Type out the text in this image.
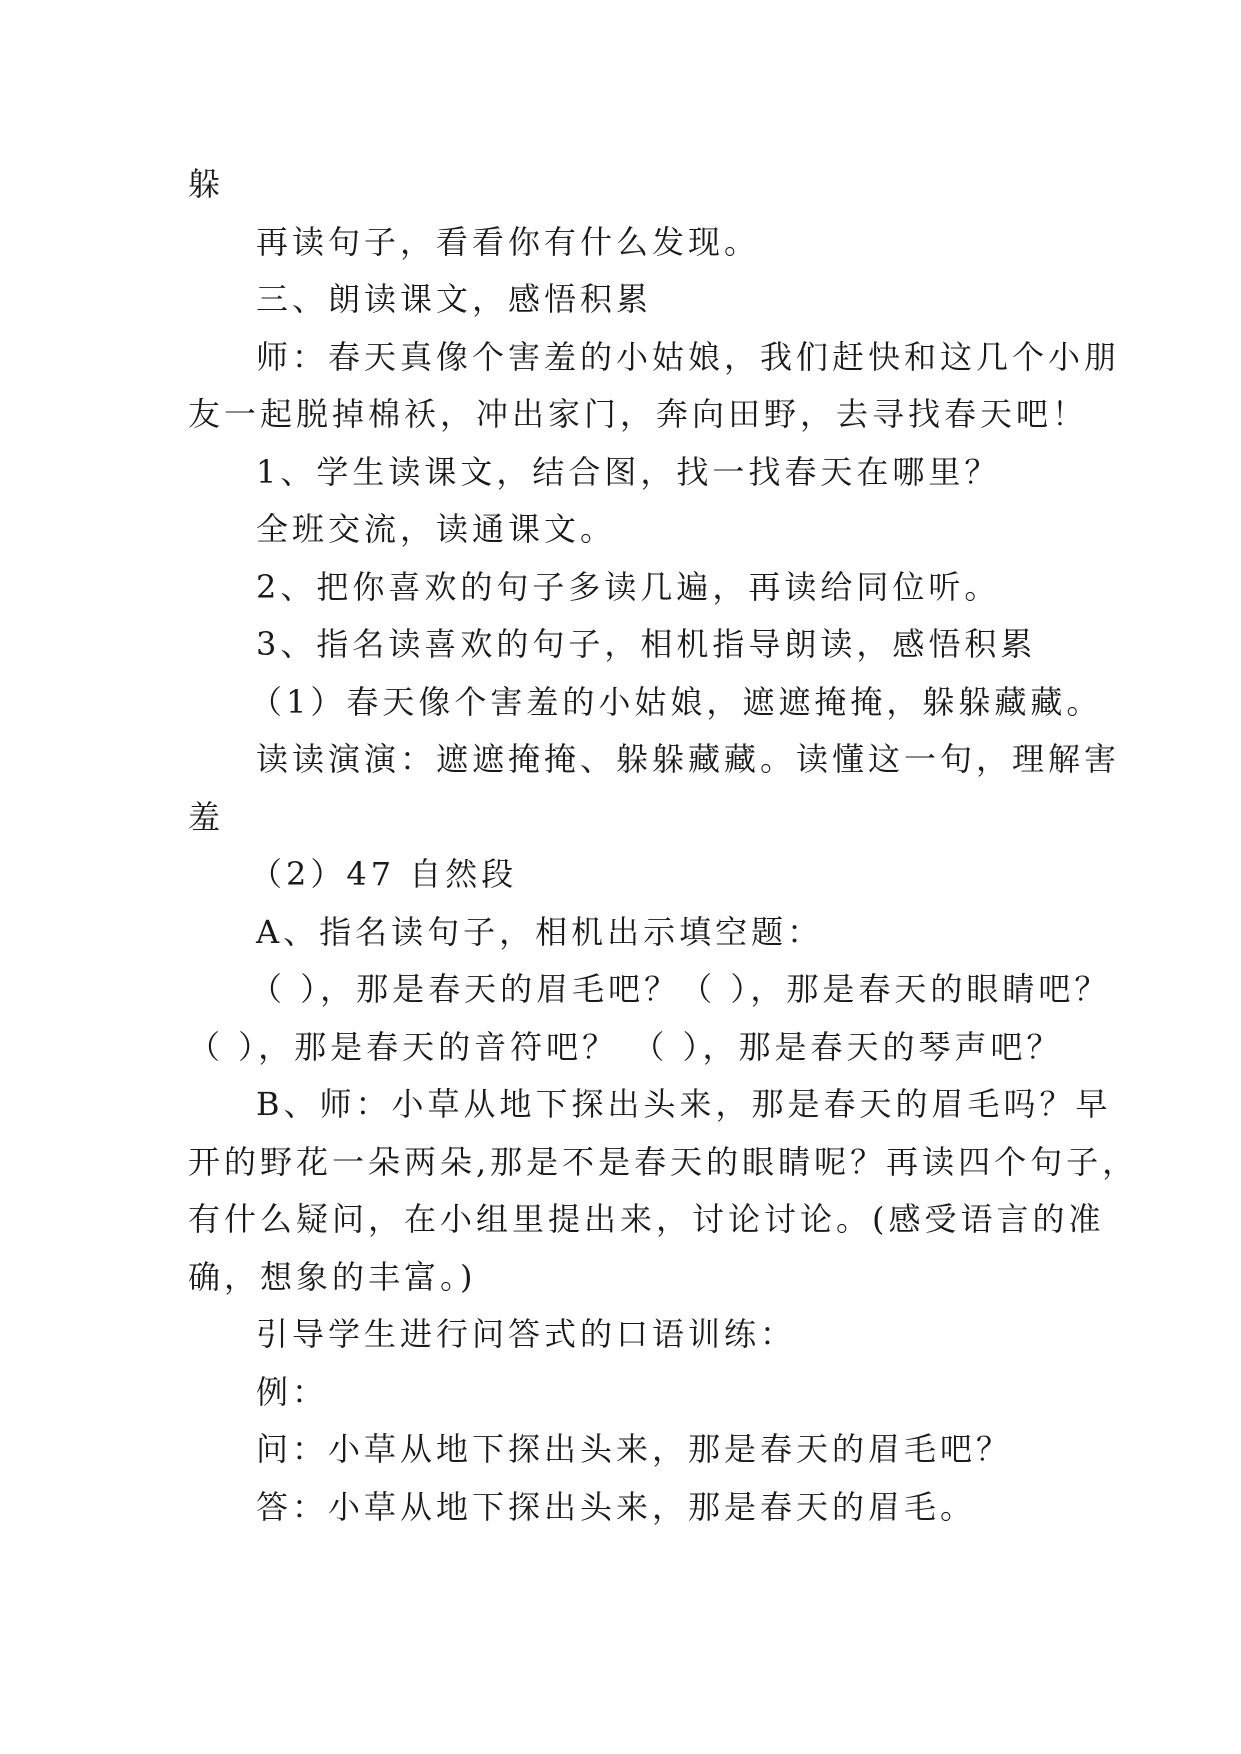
躲
再读句子，看看你有什么发现。
三、朗读课文，感悟积累
师：春天真像个害羞的小姑娘，我们赶快和这几个小朋
友一起脱掉棉袄，冲出家门，奔向田野，去寻找春天吧！
1、学生读课文，结合图，找一找春天在哪里？
全班交流，读通课文。
2、把你喜欢的句子多读几遍，再读给同位听。
3、指名读喜欢的句子，相机指导朗读，感悟积累
（1）春天像个害羞的小姑娘，遮遮掩掩，躲躲藏藏。
读读演演：遮遮掩掩、躲躲藏藏。读懂这一句，理解害
羞
（2）47 自然段
A、指名读句子，相机出示填空题：
（ ），那是春天的眉毛吧？（ ），那是春天的眼睛吧？
（ ），那是春天的音符吧？ （ ），那是春天的琴声吧？
B、师：小草从地下探出头来，那是春天的眉毛吗？早
开的野花一朵两朵,那是不是春天的眼睛呢？再读四个句子，
有什么疑问，在小组里提出来，讨论讨论。(感受语言的准
确，想象的丰富。)
引导学生进行问答式的口语训练：
例：
问：小草从地下探出头来，那是春天的眉毛吧？
答：小草从地下探出头来，那是春天的眉毛。
